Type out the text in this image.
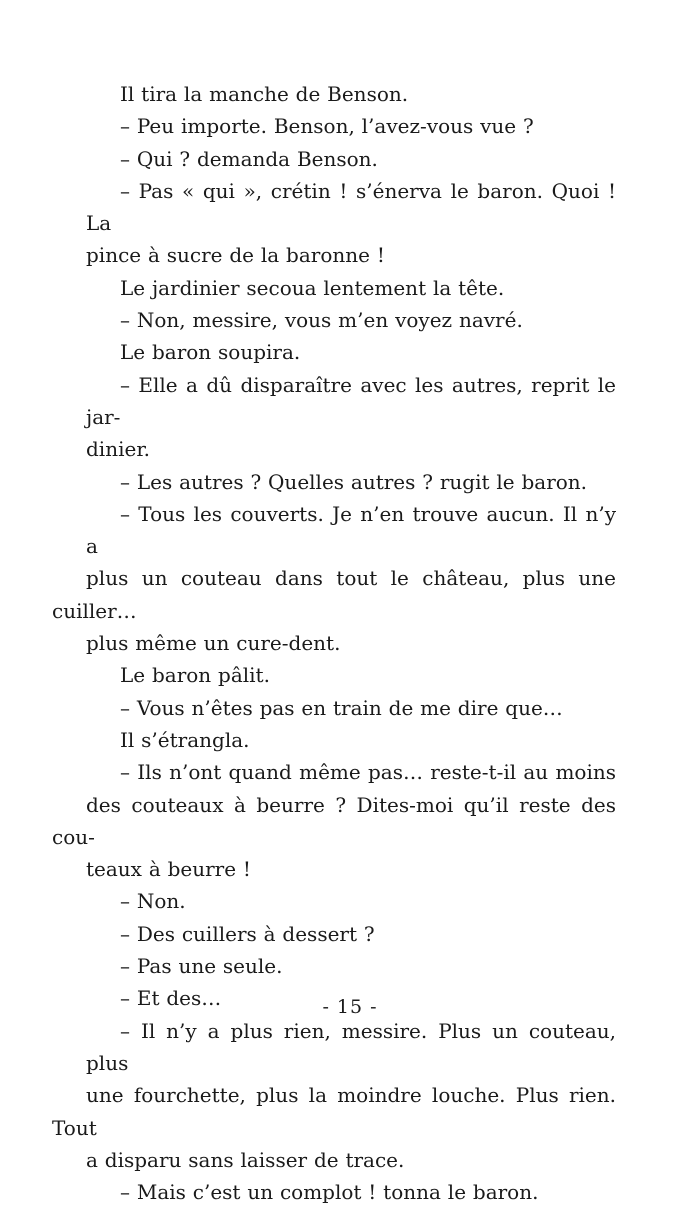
Il tira la manche de Benson.

– Peu importe. Benson, l’avez-vous vue ?

– Qui ? demanda Benson.

– Pas « qui », crétin ! s’énerva le baron. Quoi ! La
pince à sucre de la baronne !

Le jardinier secoua lentement la tête.

– Non, messire, vous m’en voyez navré.

Le baron soupira.

– Elle a dû disparaître avec les autres, reprit le jar-
dinier.

– Les autres ? Quelles autres ? rugit le baron.

– Tous les couverts. Je n’en trouve aucun. Il n’y a
plus un couteau dans tout le château, plus une cuiller…
plus même un cure-dent.

Le baron pâlit.

– Vous n’êtes pas en train de me dire que…

Il s’étrangla.

– Ils n’ont quand même pas… reste-t-il au moins
des couteaux à beurre ? Dites-moi qu’il reste des cou-
teaux à beurre !

– Non.

– Des cuillers à dessert ?

– Pas une seule.

– Et des…

– Il n’y a plus rien, messire. Plus un couteau, plus
une fourchette, plus la moindre louche. Plus rien. Tout
a disparu sans laisser de trace.

– Mais c’est un complot ! tonna le baron.

- 15 -
